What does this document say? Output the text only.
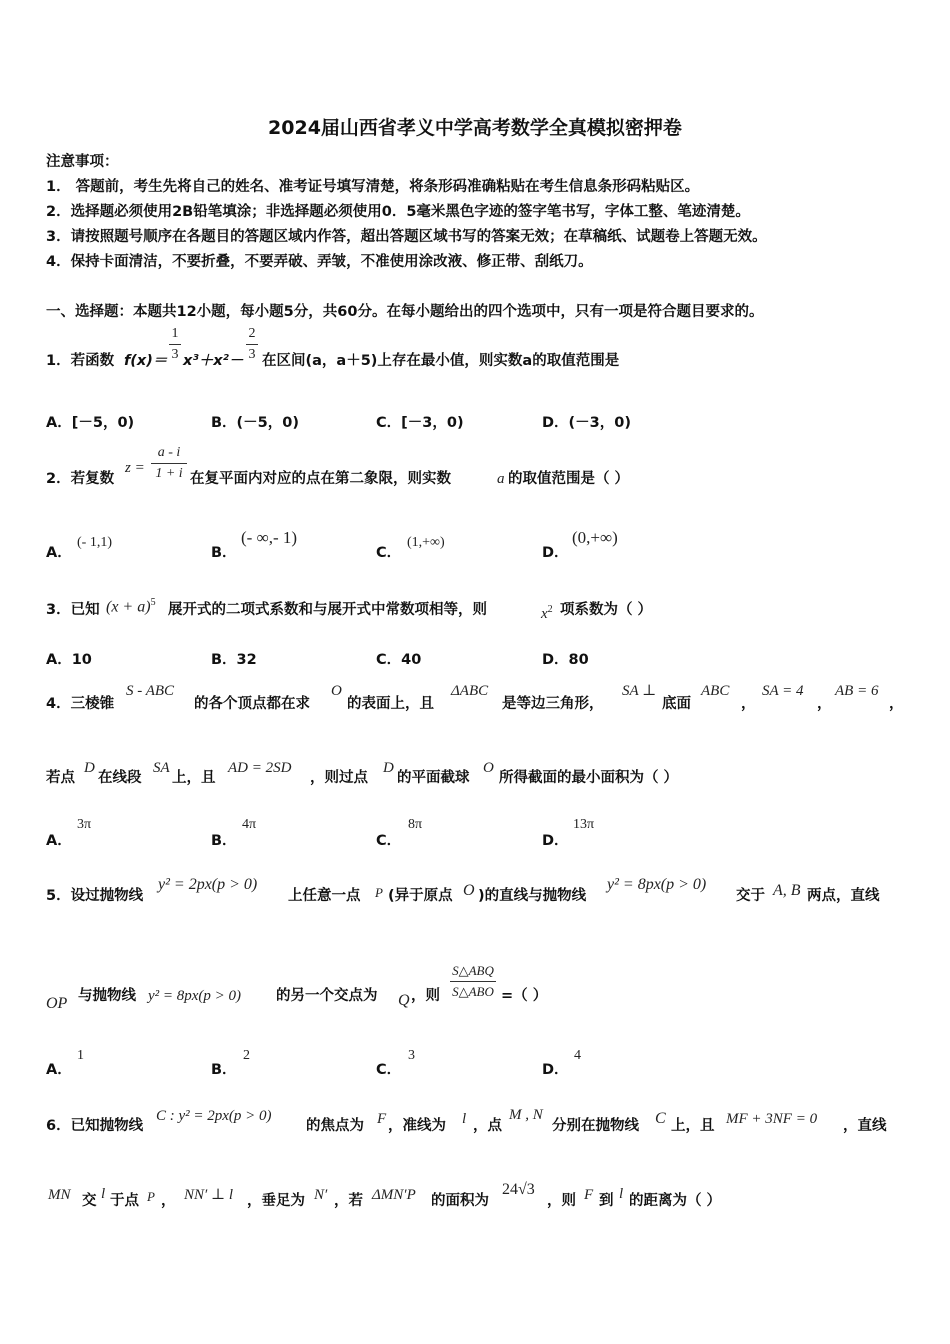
2024届山西省孝义中学高考数学全真模拟密押卷
注意事项：
1． 答题前，考生先将自己的姓名、准考证号填写清楚，将条形码准确粘贴在考生信息条形码粘贴区。
2．选择题必须使用2B铅笔填涂；非选择题必须使用0．5毫米黑色字迹的签字笔书写，字体工整、笔迹清楚。
3．请按照题号顺序在各题目的答题区域内作答，超出答题区域书写的答案无效；在草稿纸、试题卷上答题无效。
4．保持卡面清洁，不要折叠，不要弄破、弄皱，不准使用涂改液、修正带、刮纸刀。
一、选择题：本题共12小题，每小题5分，共60分。在每小题给出的四个选项中，只有一项是符合题目要求的。
1．若函数 f(x)＝
1
3 x³＋x²－
2
3 在区间(a，a＋5)上存在最小值，则实数a的取值范围是
A．[－5，0)	B．(－5，0)	C．[－3，0)	D．(－3，0)
2．若复数
z =
a - i
1 + i 在复平面内对应的点在第二象限，则实数	a 的取值范围是（ ）
A．
(- 1,1)
B．
(- ∞,- 1)
C．
(1,+∞)
D．
(0,+∞)
3．已知 $(x + a)^5$ 展开式的二项式系数和与展开式中常数项相等，则	$x^2$ 项系数为（ ）
A．10	B．32	C．40	D．80
4．三棱锥
S - ABC
的各个顶点都在求
O
的表面上，且
ΔABC
是等边三角形，
SA ⊥
底面
ABC
，
SA = 4
，
AB = 6
，
若点
D
在线段
SA
上，且
AD = 2SD
，则过点
D
的平面截球
O
所得截面的最小面积为（ ）
A．
3π
B．
4π
C．
8π
D．
13π
5．设过抛物线
y² = 2px(p > 0)
上任意一点 P (异于原点 O )的直线与抛物线
y² = 8px(p > 0)
交于 A, B 两点，直线
OP 与抛物线 y² = 8px(p > 0) 的另一个交点为 Q ，则
S△ABQ
S△ABO =（ ）
A．
1
B．
2
C．
3
D．
4
6．已知抛物线
C : y² = 2px(p > 0)
的焦点为 F ，准线为 l ，点
M , N
分别在抛物线 C 上，且 MF + 3NF = 0 ，直线
MN 交 l 于点 P ， NN′ ⊥ l ，垂足为 N′ ，若 ΔMN′P 的面积为
24√3
，则 F 到 l 的距离为（ ）
